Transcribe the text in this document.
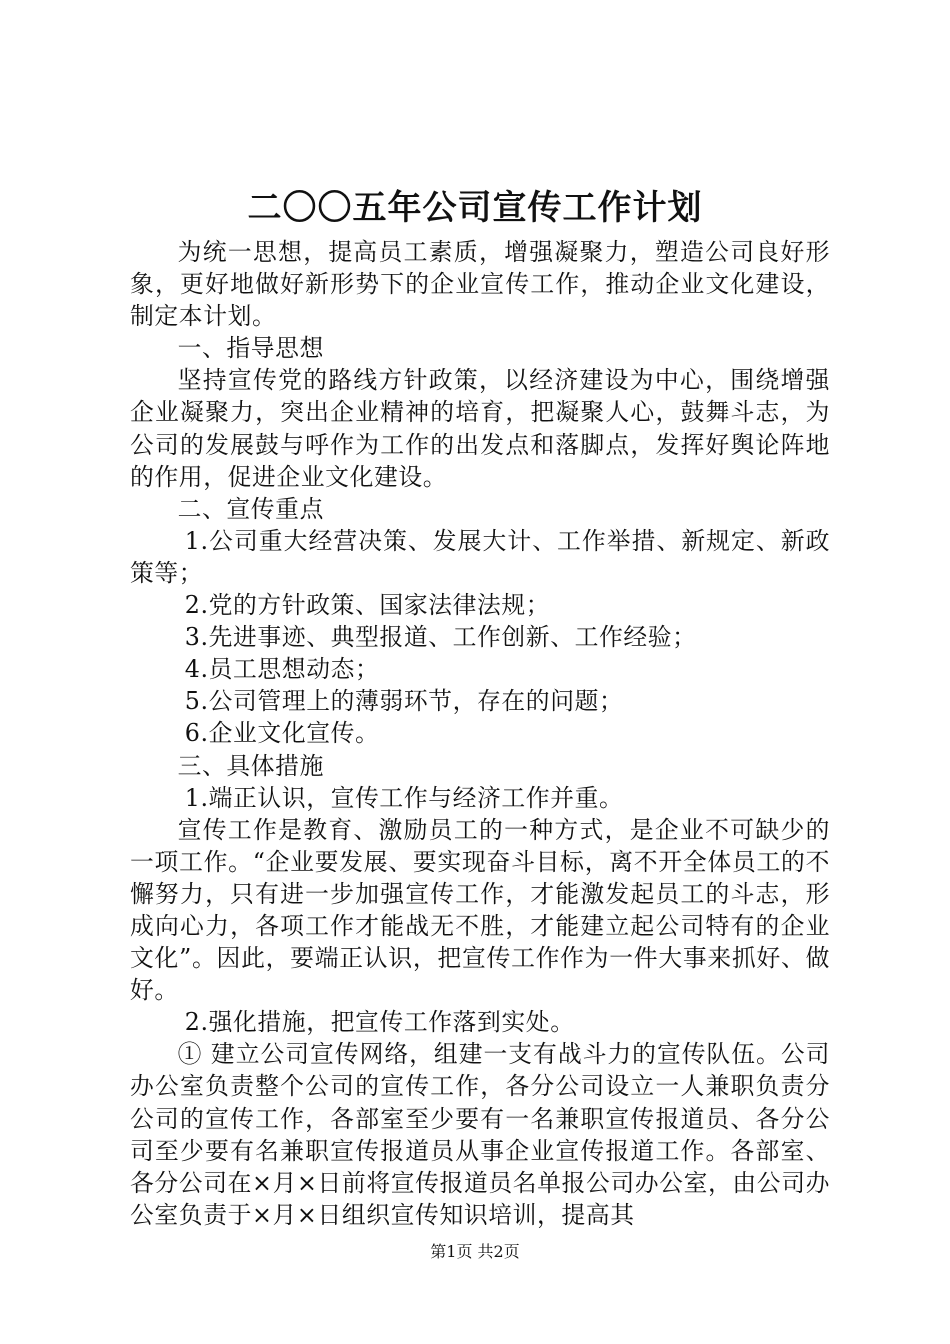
二〇〇五年公司宣传工作计划

为统一思想，提高员工素质，增强凝聚力，塑造公司良好形象，更好地做好新形势下的企业宣传工作，推动企业文化建设，制定本计划。

一、指导思想

坚持宣传党的路线方针政策，以经济建设为中心，围绕增强企业凝聚力，突出企业精神的培育，把凝聚人心，鼓舞斗志，为公司的发展鼓与呼作为工作的出发点和落脚点，发挥好舆论阵地的作用，促进企业文化建设。

二、宣传重点

1.公司重大经营决策、发展大计、工作举措、新规定、新政策等；

2.党的方针政策、国家法律法规；

3.先进事迹、典型报道、工作创新、工作经验；

4.员工思想动态；

5.公司管理上的薄弱环节，存在的问题；

6.企业文化宣传。

三、具体措施

1.端正认识，宣传工作与经济工作并重。

宣传工作是教育、激励员工的一种方式，是企业不可缺少的一项工作。“企业要发展、要实现奋斗目标，离不开全体员工的不懈努力，只有进一步加强宣传工作，才能激发起员工的斗志，形成向心力，各项工作才能战无不胜，才能建立起公司特有的企业文化”。因此，要端正认识，把宣传工作作为一件大事来抓好、做好。

2.强化措施，把宣传工作落到实处。

① 建立公司宣传网络，组建一支有战斗力的宣传队伍。公司办公室负责整个公司的宣传工作，各分公司设立一人兼职负责分公司的宣传工作，各部室至少要有一名兼职宣传报道员、各分公司至少要有名兼职宣传报道员从事企业宣传报道工作。各部室、各分公司在×月×日前将宣传报道员名单报公司办公室，由公司办公室负责于×月×日组织宣传知识培训，提高其

第1页 共2页
